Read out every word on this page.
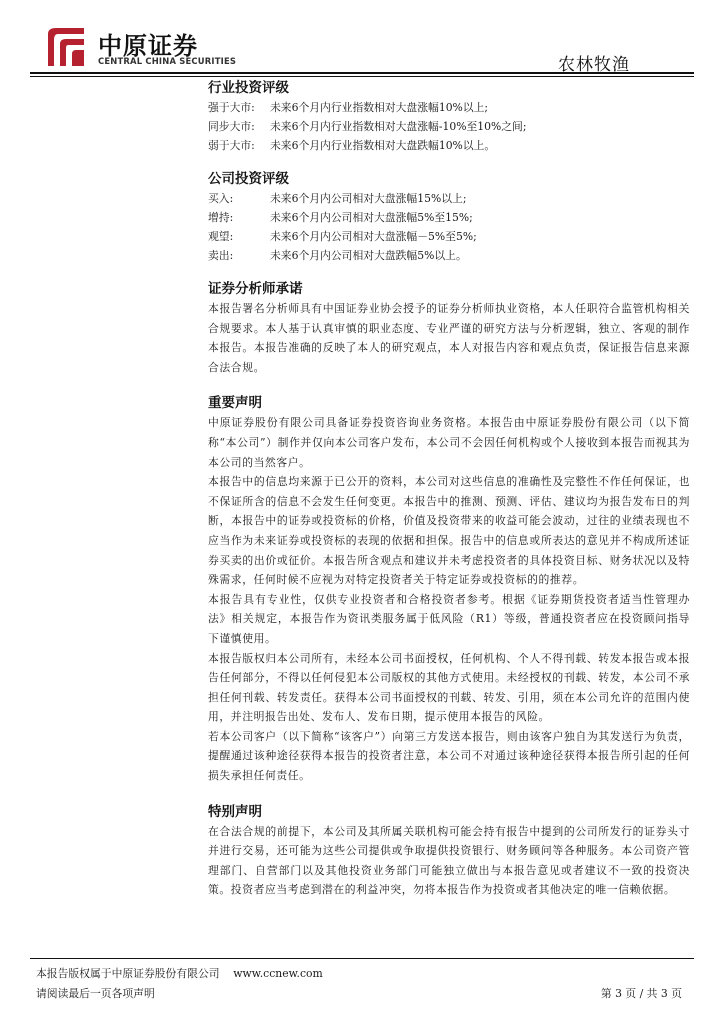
中原证券
CENTRAL CHINA SECURITIES	农林牧渔
行业投资评级
强于大市: 未来6个月内行业指数相对大盘涨幅10%以上;
同步大市: 未来6个月内行业指数相对大盘涨幅-10%至10%之间;
弱于大市: 未来6个月内行业指数相对大盘跌幅10%以上。
公司投资评级
买入:	未来6个月内公司相对大盘涨幅15%以上;
增持:	未来6个月内公司相对大盘涨幅5%至15%;
观望:	未来6个月内公司相对大盘涨幅－5%至5%;
卖出:	未来6个月内公司相对大盘跌幅5%以上。
证券分析师承诺

本报告署名分析师具有中国证券业协会授予的证券分析师执业资格，本人任职符合监管机构相关合规要求。本人基于认真审慎的职业态度、专业严谨的研究方法与分析逻辑，独立、客观的制作本报告。本报告准确的反映了本人的研究观点，本人对报告内容和观点负责，保证报告信息来源合法合规。

重要声明

中原证券股份有限公司具备证券投资咨询业务资格。本报告由中原证券股份有限公司（以下简称“本公司”）制作并仅向本公司客户发布，本公司不会因任何机构或个人接收到本报告而视其为本公司的当然客户。

本报告中的信息均来源于已公开的资料，本公司对这些信息的准确性及完整性不作任何保证，也不保证所含的信息不会发生任何变更。本报告中的推测、预测、评估、建议均为报告发布日的判断，本报告中的证券或投资标的价格，价值及投资带来的收益可能会波动，过往的业绩表现也不应当作为未来证券或投资标的表现的依据和担保。报告中的信息或所表达的意见并不构成所述证券买卖的出价或征价。本报告所含观点和建议并未考虑投资者的具体投资目标、财务状况以及特殊需求，任何时候不应视为对特定投资者关于特定证券或投资标的的推荐。

本报告具有专业性，仅供专业投资者和合格投资者参考。根据《证券期货投资者适当性管理办法》相关规定，本报告作为资讯类服务属于低风险（R1）等级，普通投资者应在投资顾问指导下谨慎使用。

本报告版权归本公司所有，未经本公司书面授权，任何机构、个人不得刊载、转发本报告或本报告任何部分，不得以任何侵犯本公司版权的其他方式使用。未经授权的刊载、转发，本公司不承担任何刊载、转发责任。获得本公司书面授权的刊载、转发、引用，须在本公司允许的范围内使用，并注明报告出处、发布人、发布日期，提示使用本报告的风险。

若本公司客户（以下简称“该客户”）向第三方发送本报告，则由该客户独自为其发送行为负责，提醒通过该种途径获得本报告的投资者注意，本公司不对通过该种途径获得本报告所引起的任何损失承担任何责任。

特别声明

在合法合规的前提下，本公司及其所属关联机构可能会持有报告中提到的公司所发行的证券头寸并进行交易，还可能为这些公司提供或争取提供投资银行、财务顾问等各种服务。本公司资产管理部门、自营部门以及其他投资业务部门可能独立做出与本报告意见或者建议不一致的投资决策。投资者应当考虑到潜在的利益冲突，勿将本报告作为投资或者其他决定的唯一信赖依据。

本报告版权属于中原证券股份有限公司 www.ccnew.com
请阅读最后一页各项声明	第 3 页 / 共 3 页
